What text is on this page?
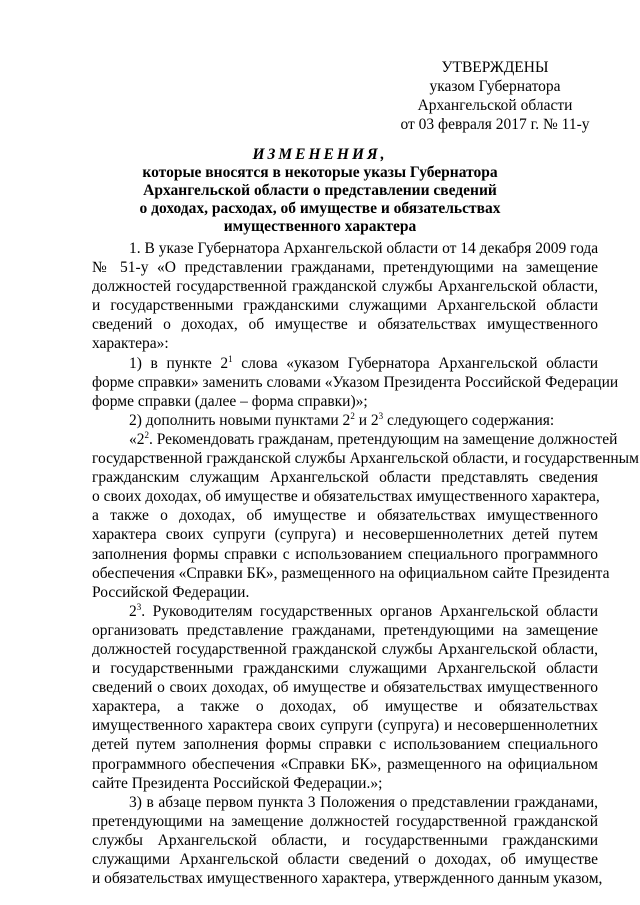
УТВЕРЖДЕНЫ
указом Губернатора
Архангельской области
от 03 февраля 2017 г. № 11-у
ИЗМЕНЕНИЯ,
которые вносятся в некоторые указы Губернатора
Архангельской области о представлении сведений
о доходах, расходах, об имуществе и обязательствах
имущественного характера
1. В указе Губернатора Архангельской области от 14 декабря 2009 года
№ 51-у «О представлении гражданами, претендующими на замещение
должностей государственной гражданской службы Архангельской области,
и государственными гражданскими служащими Архангельской области
сведений о доходах, об имуществе и обязательствах имущественного
характера»:
1) в пункте $2^1$ слова «указом Губернатора Архангельской области
форме справки» заменить словами «Указом Президента Российской Федерации
форме справки (далее – форма справки)»;
2) дополнить новыми пунктами $2^2$ и $2^3$ следующего содержания:
«$2^2$. Рекомендовать гражданам, претендующим на замещение должностей
государственной гражданской службы Архангельской области, и государственным
гражданским служащим Архангельской области представлять сведения
о своих доходах, об имуществе и обязательствах имущественного характера,
а также о доходах, об имуществе и обязательствах имущественного
характера своих супруги (супруга) и несовершеннолетних детей путем
заполнения формы справки с использованием специального программного
обеспечения «Справки БК», размещенного на официальном сайте Президента
Российской Федерации.
$2^3$. Руководителям государственных органов Архангельской области
организовать представление гражданами, претендующими на замещение
должностей государственной гражданской службы Архангельской области,
и государственными гражданскими служащими Архангельской области
сведений о своих доходах, об имуществе и обязательствах имущественного
характера, а также о доходах, об имуществе и обязательствах
имущественного характера своих супруги (супруга) и несовершеннолетних
детей путем заполнения формы справки с использованием специального
программного обеспечения «Справки БК», размещенного на официальном
сайте Президента Российской Федерации.»;
3) в абзаце первом пункта 3 Положения о представлении гражданами,
претендующими на замещение должностей государственной гражданской
службы Архангельской области, и государственными гражданскими
служащими Архангельской области сведений о доходах, об имуществе
и обязательствах имущественного характера, утвержденного данным указом,
